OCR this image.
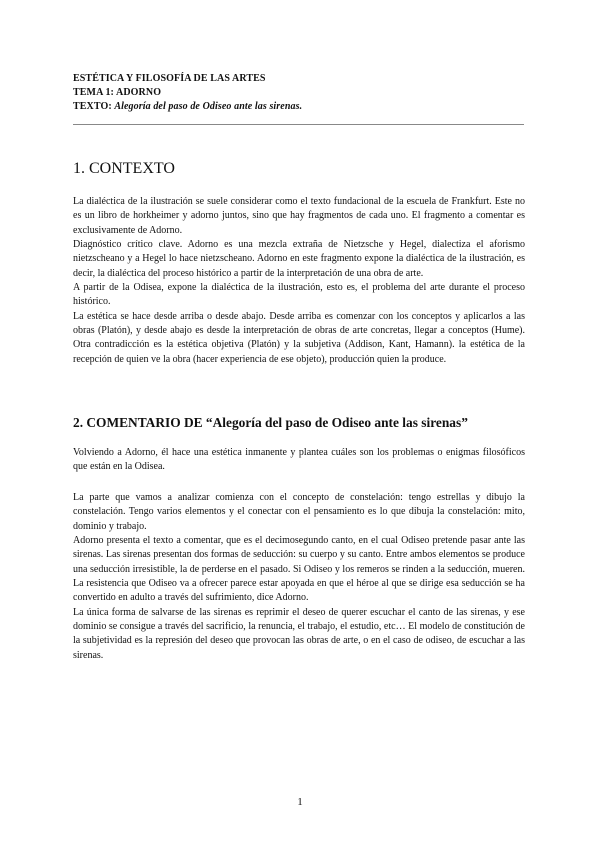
ESTÉTICA Y FILOSOFÍA DE LAS ARTES
TEMA 1: ADORNO
TEXTO: Alegoría del paso de Odiseo ante las sirenas.
1. CONTEXTO

La dialéctica de la ilustración se suele considerar como el texto fundacional de la escuela de Frankfurt. Este no es un libro de horkheimer y adorno juntos, sino que hay fragmentos de cada uno. El fragmento a comentar es exclusivamente de Adorno.

Diagnóstico crítico clave. Adorno es una mezcla extraña de Nietzsche y Hegel, dialectiza el aforismo nietzscheano y a Hegel lo hace nietzscheano. Adorno en este fragmento expone la dialéctica de la ilustración, es decir, la dialéctica del proceso histórico a partir de la interpretación de una obra de arte.

A partir de la Odisea, expone la dialéctica de la ilustración, esto es, el problema del arte durante el proceso histórico.

La estética se hace desde arriba o desde abajo. Desde arriba es comenzar con los conceptos y aplicarlos a las obras (Platón), y desde abajo es desde la interpretación de obras de arte concretas, llegar a conceptos (Hume). Otra contradicción es la estética objetiva (Platón) y la subjetiva (Addison, Kant, Hamann). la estética de la recepción de quien ve la obra (hacer experiencia de ese objeto), producción quien la produce.

2. COMENTARIO DE “Alegoría del paso de Odiseo ante las sirenas”

Volviendo a Adorno, él hace una estética inmanente y plantea cuáles son los problemas o enigmas filosóficos que están en la Odisea.

La parte que vamos a analizar comienza con el concepto de constelación: tengo estrellas y dibujo la constelación. Tengo varios elementos y el conectar con el pensamiento es lo que dibuja la constelación: mito, dominio y trabajo.

Adorno presenta el texto a comentar, que es el decimosegundo canto, en el cual Odiseo pretende pasar ante las sirenas. Las sirenas presentan dos formas de seducción: su cuerpo y su canto. Entre ambos elementos se produce una seducción irresistible, la de perderse en el pasado. Si Odiseo y los remeros se rinden a la seducción, mueren. La resistencia que Odiseo va a ofrecer parece estar apoyada en que el héroe al que se dirige esa seducción se ha convertido en adulto a través del sufrimiento, dice Adorno.

La única forma de salvarse de las sirenas es reprimir el deseo de querer escuchar el canto de las sirenas, y ese dominio se consigue a través del sacrificio, la renuncia, el trabajo, el estudio, etc… El modelo de constitución de la subjetividad es la represión del deseo que provocan las obras de arte, o en el caso de odiseo, de escuchar a las sirenas.

1
